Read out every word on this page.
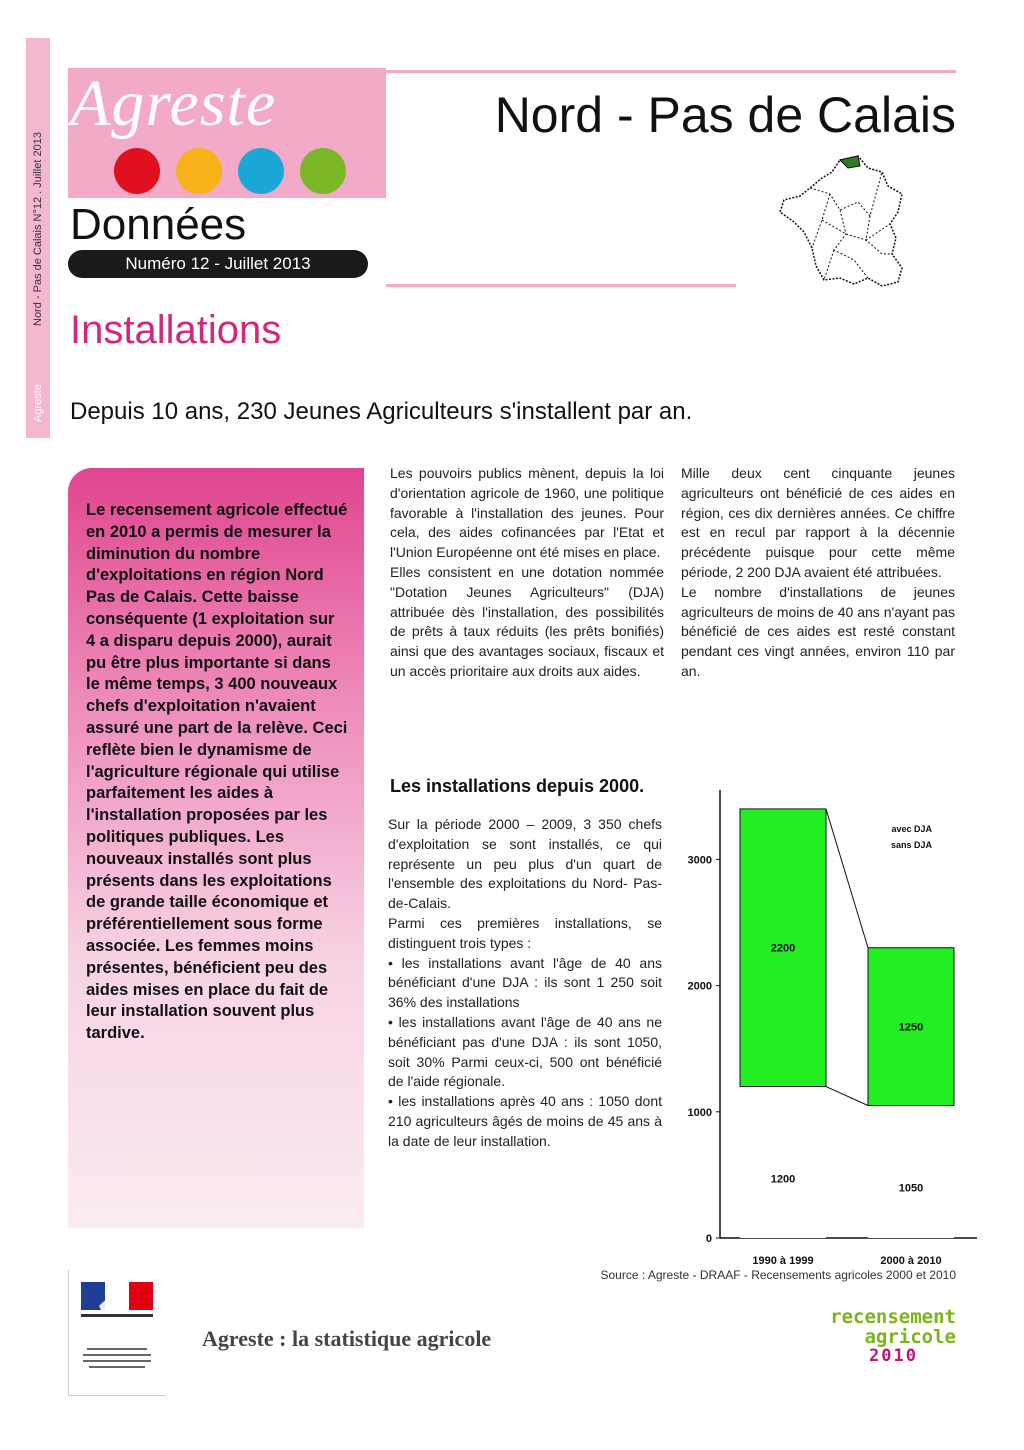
Nord - Pas de Calais N°12 . Juillet 2013
Agreste
Agreste	Nord - Pas de Calais
Données
Numéro 12 - Juillet 2013
Installations
Depuis 10 ans, 230 Jeunes Agriculteurs s'installent par an.
Le recensement agricole effectué en 2010 a permis de mesurer la diminution du nombre d'exploitations en région Nord Pas de Calais. Cette baisse conséquente (1 exploitation sur 4 a disparu depuis 2000), aurait pu être plus importante si dans le même temps, 3 400 nouveaux chefs d'exploitation n'avaient assuré une part de la relève. Ceci reflète bien le dynamisme de l'agriculture régionale qui utilise parfaitement les aides à l'installation proposées par les politiques publiques. Les nouveaux installés sont plus présents dans les exploitations de grande taille économique et préférentiellement sous forme associée. Les femmes moins présentes, bénéficient peu des aides mises en place du fait de leur installation souvent plus tardive.

Les pouvoirs publics mènent, depuis la loi d'orientation agricole de 1960, une politique favorable à l'installation des jeunes. Pour cela, des aides cofinancées par l'Etat et l'Union Européenne ont été mises en place.

Elles consistent en une dotation nommée "Dotation Jeunes Agriculteurs" (DJA) attribuée dès l'installation, des possibilités de prêts à taux réduits (les prêts bonifiés) ainsi que des avantages sociaux, fiscaux et un accès prioritaire aux droits aux aides.

Mille deux cent cinquante jeunes agriculteurs ont bénéficié de ces aides en région, ces dix dernières années. Ce chiffre est en recul par rapport à la décennie précédente puisque pour cette même période, 2 200 DJA avaient été attribuées.

Le nombre d'installations de jeunes agriculteurs de moins de 40 ans n'ayant pas bénéficié de ces aides est resté constant pendant ces vingt années, environ 110 par an.

Les installations depuis 2000.

Sur la période 2000 – 2009, 3 350 chefs d'exploitation se sont installés, ce qui représente un peu plus d'un quart de l'ensemble des exploitations du Nord- Pas-de-Calais.

Parmi ces premières installations, se distinguent trois types :

• les installations avant l'âge de 40 ans bénéficiant d'une DJA : ils sont 1 250 soit 36% des installations

• les installations avant l'âge de 40 ans ne bénéficiant pas d'une DJA : ils sont 1050, soit 30% Parmi ceux-ci, 500 ont bénéficié de l'aide régionale.

• les installations après 40 ans : 1050 dont 210 agriculteurs âgés de moins de 45 ans à la date de leur installation.

0
1000
2000
3000
1200
2200
1990 à 1999
1050
1250
2000 à 2010
avec DJA
sans DJA
Source : Agreste - DRAAF - Recensements agricoles 2000 et 2010
Agreste : la statistique agricole
recensement
agricole
2010
